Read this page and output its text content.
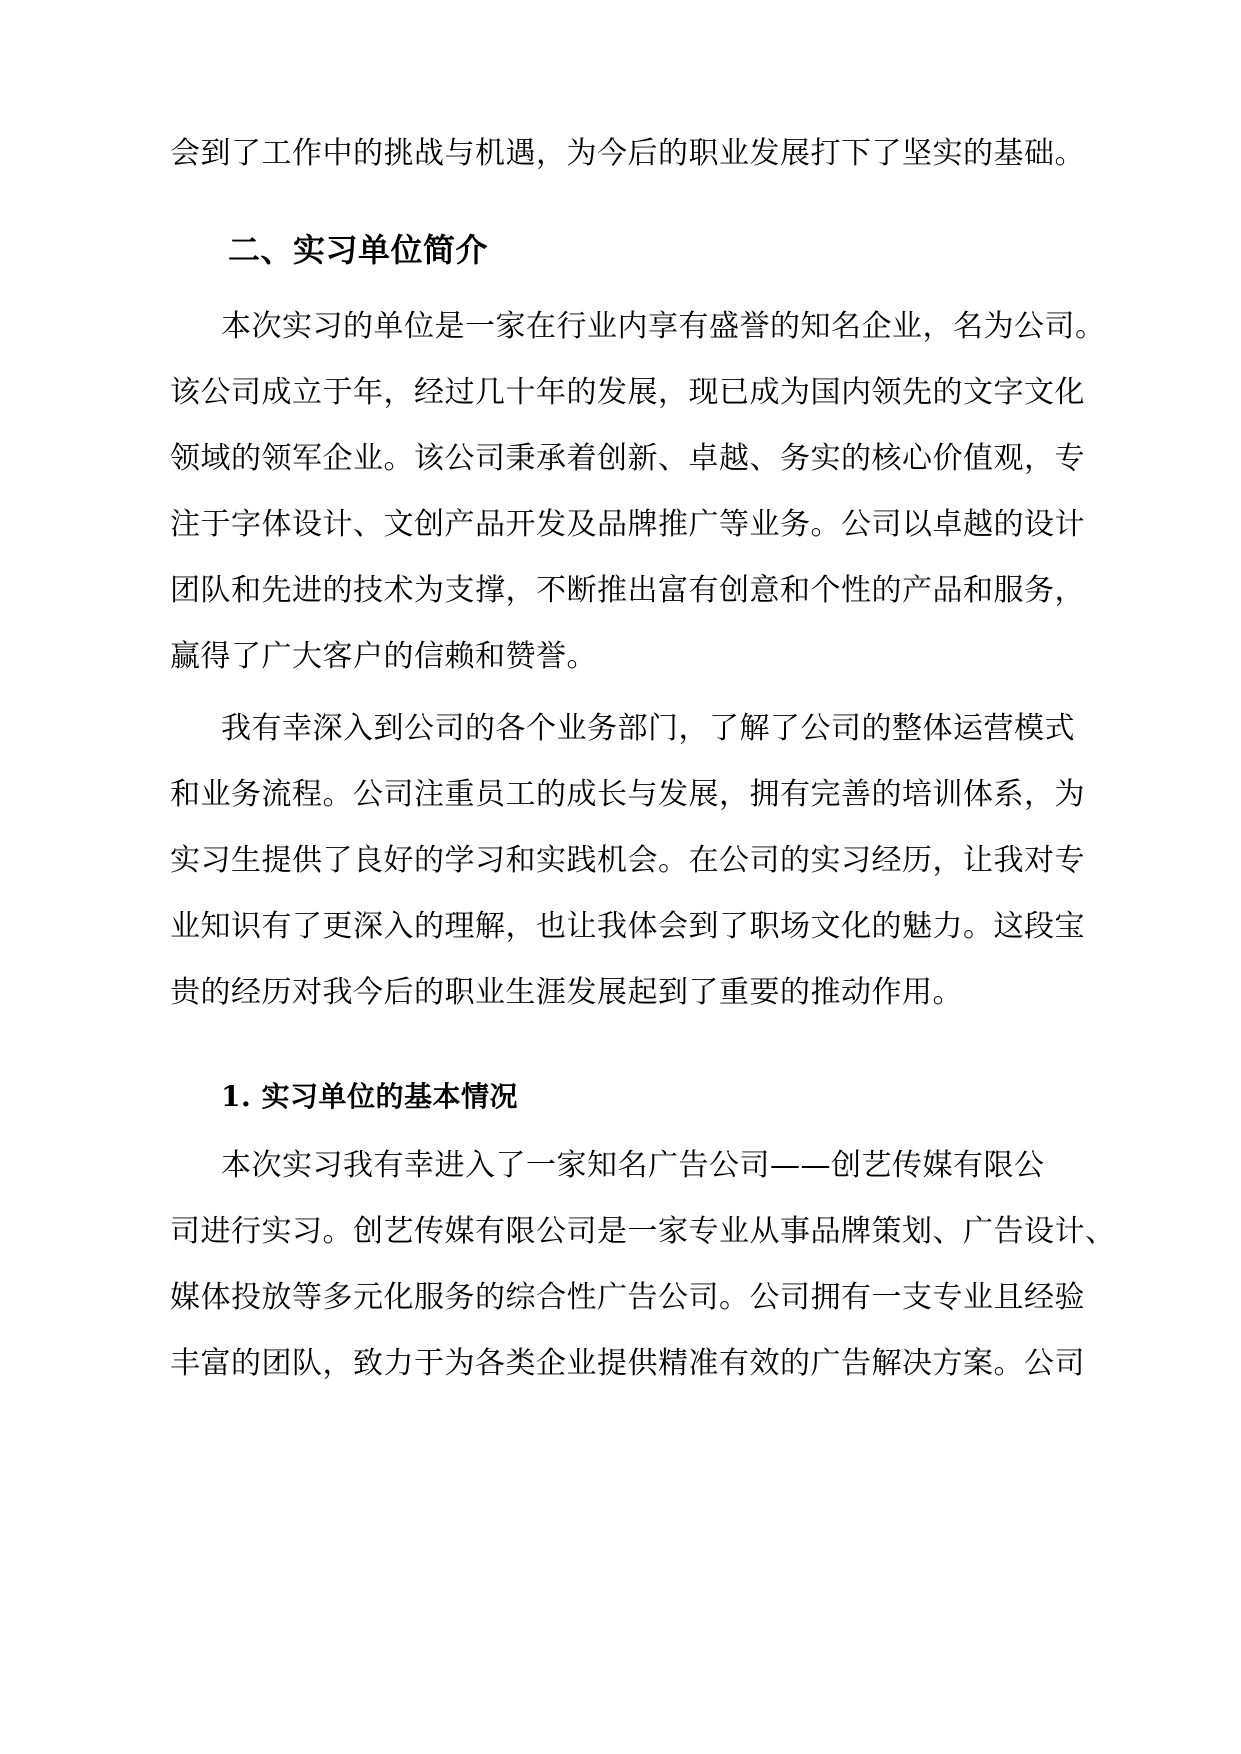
会到了工作中的挑战与机遇，为今后的职业发展打下了坚实的基础。
二、实习单位简介
本次实习的单位是一家在行业内享有盛誉的知名企业，名为公司。
该公司成立于年，经过几十年的发展，现已成为国内领先的文字文化
领域的领军企业。该公司秉承着创新、卓越、务实的核心价值观，专
注于字体设计、文创产品开发及品牌推广等业务。公司以卓越的设计
团队和先进的技术为支撑，不断推出富有创意和个性的产品和服务，
赢得了广大客户的信赖和赞誉。
我有幸深入到公司的各个业务部门，了解了公司的整体运营模式
和业务流程。公司注重员工的成长与发展，拥有完善的培训体系，为
实习生提供了良好的学习和实践机会。在公司的实习经历，让我对专
业知识有了更深入的理解，也让我体会到了职场文化的魅力。这段宝
贵的经历对我今后的职业生涯发展起到了重要的推动作用。
1. 实习单位的基本情况
本次实习我有幸进入了一家知名广告公司——创艺传媒有限公
司进行实习。创艺传媒有限公司是一家专业从事品牌策划、广告设计、
媒体投放等多元化服务的综合性广告公司。公司拥有一支专业且经验
丰富的团队，致力于为各类企业提供精准有效的广告解决方案。公司
